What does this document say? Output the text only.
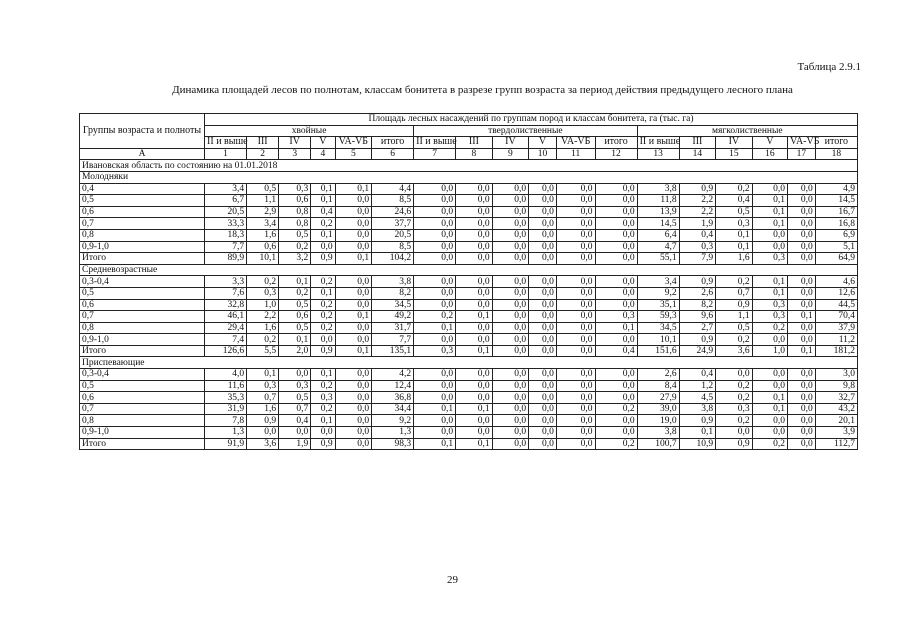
Таблица 2.9.1
Динамика площадей лесов по полнотам, классам бонитета в разрезе групп возраста за период действия предыдущего лесного плана
Группы возраста и полноты	Площадь лесных насаждений по группам пород и классам бонитета, га (тыс. га)																	
	хвойные						твердолиственные						мягколиственные					
	II и выше	III	IV	V	VA-VБ	итого	II и выше	III	IV	V	VA-VБ	итого	II и выше	III	IV	V	VA-VБ	итого
А	1	2	3	4	5	6	7	8	9	10	11	12	13	14	15	16	17	18
Ивановская область по состоянию на 01.01.2018																		
Молодняки																		
0,4	3,4	0,5	0,3	0,1	0,1	4,4	0,0	0,0	0,0	0,0	0,0	0,0	3,8	0,9	0,2	0,0	0,0	4,9
0,5	6,7	1,1	0,6	0,1	0,0	8,5	0,0	0,0	0,0	0,0	0,0	0,0	11,8	2,2	0,4	0,1	0,0	14,5
0,6	20,5	2,9	0,8	0,4	0,0	24,6	0,0	0,0	0,0	0,0	0,0	0,0	13,9	2,2	0,5	0,1	0,0	16,7
0,7	33,3	3,4	0,8	0,2	0,0	37,7	0,0	0,0	0,0	0,0	0,0	0,0	14,5	1,9	0,3	0,1	0,0	16,8
0,8	18,3	1,6	0,5	0,1	0,0	20,5	0,0	0,0	0,0	0,0	0,0	0,0	6,4	0,4	0,1	0,0	0,0	6,9
0,9-1,0	7,7	0,6	0,2	0,0	0,0	8,5	0,0	0,0	0,0	0,0	0,0	0,0	4,7	0,3	0,1	0,0	0,0	5,1
Итого	89,9	10,1	3,2	0,9	0,1	104,2	0,0	0,0	0,0	0,0	0,0	0,0	55,1	7,9	1,6	0,3	0,0	64,9
Средневозрастные																		
0,3-0,4	3,3	0,2	0,1	0,2	0,0	3,8	0,0	0,0	0,0	0,0	0,0	0,0	3,4	0,9	0,2	0,1	0,0	4,6
0,5	7,6	0,3	0,2	0,1	0,0	8,2	0,0	0,0	0,0	0,0	0,0	0,0	9,2	2,6	0,7	0,1	0,0	12,6
0,6	32,8	1,0	0,5	0,2	0,0	34,5	0,0	0,0	0,0	0,0	0,0	0,0	35,1	8,2	0,9	0,3	0,0	44,5
0,7	46,1	2,2	0,6	0,2	0,1	49,2	0,2	0,1	0,0	0,0	0,0	0,3	59,3	9,6	1,1	0,3	0,1	70,4
0,8	29,4	1,6	0,5	0,2	0,0	31,7	0,1	0,0	0,0	0,0	0,0	0,1	34,5	2,7	0,5	0,2	0,0	37,9
0,9-1,0	7,4	0,2	0,1	0,0	0,0	7,7	0,0	0,0	0,0	0,0	0,0	0,0	10,1	0,9	0,2	0,0	0,0	11,2
Итого	126,6	5,5	2,0	0,9	0,1	135,1	0,3	0,1	0,0	0,0	0,0	0,4	151,6	24,9	3,6	1,0	0,1	181,2
Приспевающие																		
0,3-0,4	4,0	0,1	0,0	0,1	0,0	4,2	0,0	0,0	0,0	0,0	0,0	0,0	2,6	0,4	0,0	0,0	0,0	3,0
0,5	11,6	0,3	0,3	0,2	0,0	12,4	0,0	0,0	0,0	0,0	0,0	0,0	8,4	1,2	0,2	0,0	0,0	9,8
0,6	35,3	0,7	0,5	0,3	0,0	36,8	0,0	0,0	0,0	0,0	0,0	0,0	27,9	4,5	0,2	0,1	0,0	32,7
0,7	31,9	1,6	0,7	0,2	0,0	34,4	0,1	0,1	0,0	0,0	0,0	0,2	39,0	3,8	0,3	0,1	0,0	43,2
0,8	7,8	0,9	0,4	0,1	0,0	9,2	0,0	0,0	0,0	0,0	0,0	0,0	19,0	0,9	0,2	0,0	0,0	20,1
0,9-1,0	1,3	0,0	0,0	0,0	0,0	1,3	0,0	0,0	0,0	0,0	0,0	0,0	3,8	0,1	0,0	0,0	0,0	3,9
Итого	91,9	3,6	1,9	0,9	0,0	98,3	0,1	0,1	0,0	0,0	0,0	0,2	100,7	10,9	0,9	0,2	0,0	112,7
29
